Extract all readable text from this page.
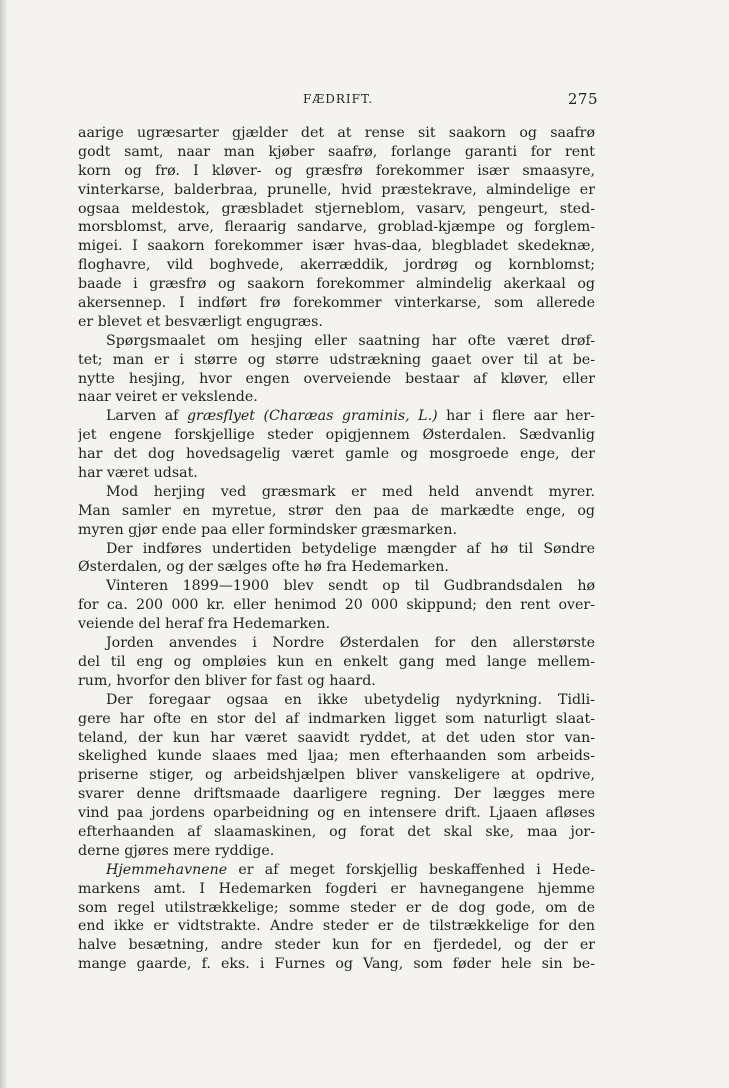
FÆDRIFT.	275
aarige ugræsarter gjælder det at rense sit saakorn og saafrø
godt samt, naar man kjøber saafrø, forlange garanti for rent
korn og frø. I kløver- og græsfrø forekommer især smaasyre,
vinterkarse, balderbraa, prunelle, hvid præstekrave, almindelige er
ogsaa meldestok, græsbladet stjerneblom, vasarv, pengeurt, sted-
morsblomst, arve, fleraarig sandarve, groblad-kjæmpe og forglem-
migei. I saakorn forekommer især hvas-daa, blegbladet skedeknæ,
floghavre, vild boghvede, akerræddik, jordrøg og kornblomst;
baade i græsfrø og saakorn forekommer almindelig akerkaal og
akersennep. I indført frø forekommer vinterkarse, som allerede
er blevet et besværligt engugræs.
Spørgsmaalet om hesjing eller saatning har ofte været drøf-
tet; man er i større og større udstrækning gaaet over til at be-
nytte hesjing, hvor engen overveiende bestaar af kløver, eller
naar veiret er vekslende.
Larven af græsflyet (Charæas graminis, L.) har i flere aar her-
jet engene forskjellige steder opigjennem Østerdalen. Sædvanlig
har det dog hovedsagelig været gamle og mosgroede enge, der
har været udsat.
Mod herjing ved græsmark er med held anvendt myrer.
Man samler en myretue, strør den paa de markædte enge, og
myren gjør ende paa eller formindsker græsmarken.
Der indføres undertiden betydelige mængder af hø til Søndre
Østerdalen, og der sælges ofte hø fra Hedemarken.
Vinteren 1899—1900 blev sendt op til Gudbrandsdalen hø
for ca. 200 000 kr. eller henimod 20 000 skippund; den rent over-
veiende del heraf fra Hedemarken.
Jorden anvendes i Nordre Østerdalen for den allerstørste
del til eng og ompløies kun en enkelt gang med lange mellem-
rum, hvorfor den bliver for fast og haard.
Der foregaar ogsaa en ikke ubetydelig nydyrkning. Tidli-
gere har ofte en stor del af indmarken ligget som naturligt slaat-
teland, der kun har været saavidt ryddet, at det uden stor van-
skelighed kunde slaaes med ljaa; men efterhaanden som arbeids-
priserne stiger, og arbeidshjælpen bliver vanskeligere at opdrive,
svarer denne driftsmaade daarligere regning. Der lægges mere
vind paa jordens oparbeidning og en intensere drift. Ljaaen afløses
efterhaanden af slaamaskinen, og forat det skal ske, maa jor-
derne gjøres mere ryddige.
Hjemmehavnene er af meget forskjellig beskaffenhed i Hede-
markens amt. I Hedemarken fogderi er havnegangene hjemme
som regel utilstrækkelige; somme steder er de dog gode, om de
end ikke er vidtstrakte. Andre steder er de tilstrækkelige for den
halve besætning, andre steder kun for en fjerdedel, og der er
mange gaarde, f. eks. i Furnes og Vang, som føder hele sin be-
